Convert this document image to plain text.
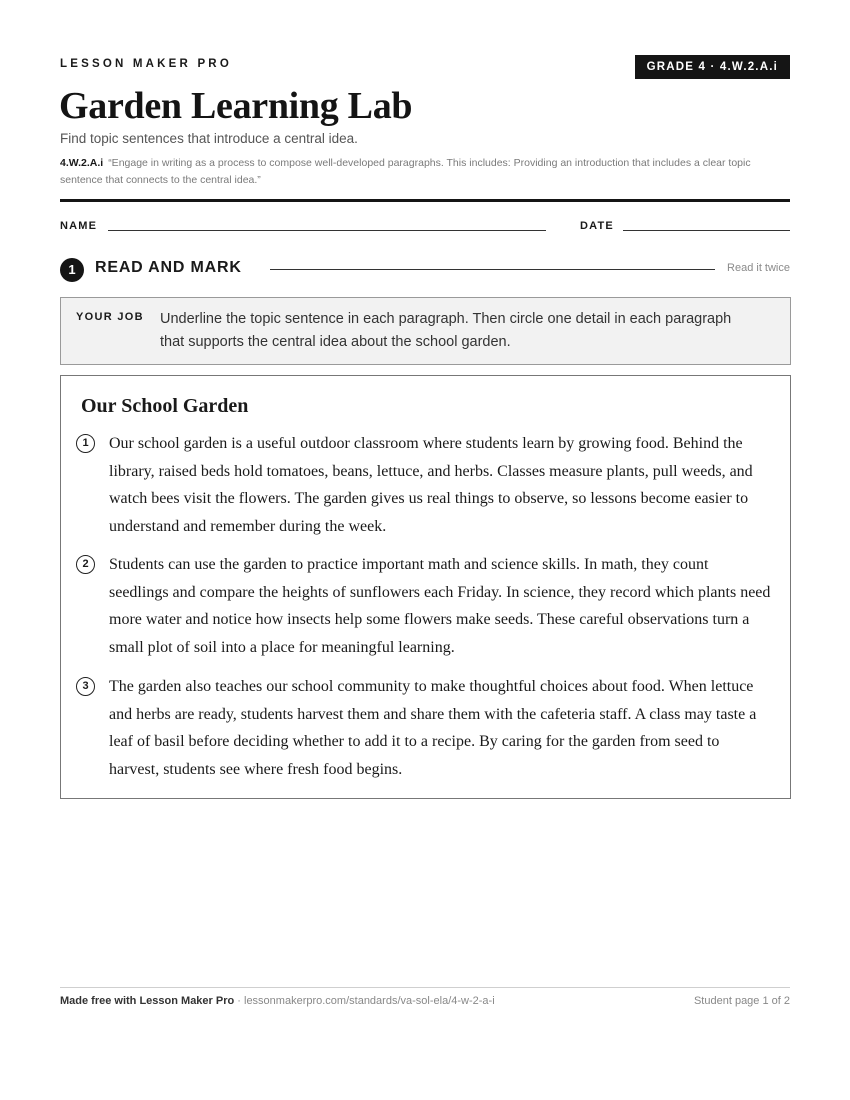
LESSON MAKER PRO	GRADE 4 · 4.W.2.A.i
Garden Learning Lab
Find topic sentences that introduce a central idea.
4.W.2.A.i “Engage in writing as a process to compose well-developed paragraphs. This includes: Providing an introduction that includes a clear topic sentence that connects to the central idea.”
NAME	DATE
1	READ AND MARK	Read it twice
YOUR JOB Underline the topic sentence in each paragraph. Then circle one detail in each paragraph that supports the central idea about the school garden.
Our School Garden
1	Our school garden is a useful outdoor classroom where students learn by growing food. Behind the library, raised beds hold tomatoes, beans, lettuce, and herbs. Classes measure plants, pull weeds, and watch bees visit the flowers. The garden gives us real things to observe, so lessons become easier to understand and remember during the week.
2	Students can use the garden to practice important math and science skills. In math, they count seedlings and compare the heights of sunflowers each Friday. In science, they record which plants need more water and notice how insects help some flowers make seeds. These careful observations turn a small plot of soil into a place for meaningful learning.
3	The garden also teaches our school community to make thoughtful choices about food. When lettuce and herbs are ready, students harvest them and share them with the cafeteria staff. A class may taste a leaf of basil before deciding whether to add it to a recipe. By caring for the garden from seed to harvest, students see where fresh food begins.
Made free with Lesson Maker Pro · lessonmakerpro.com/standards/va-sol-ela/4-w-2-a-i	Student page 1 of 2
